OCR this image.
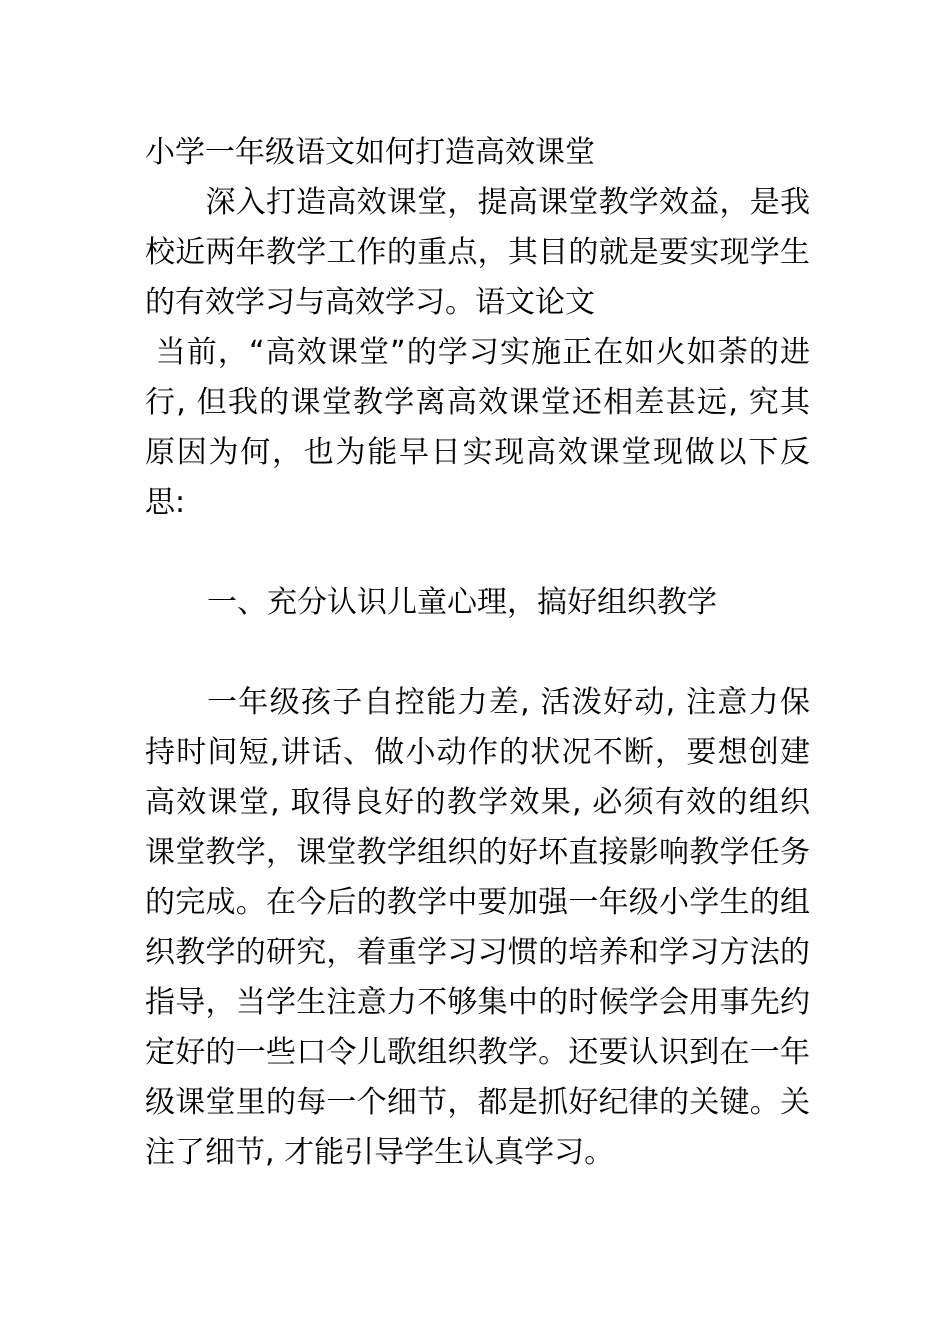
小学一年级语文如何打造高效课堂

　　深入打造高效课堂，提高课堂教学效益，是我校近两年教学工作的重点，其目的就是要实现学生的有效学习与高效学习。语文论文

当前，“高效课堂”的学习实施正在如火如荼的进行, 但我的课堂教学离高效课堂还相差甚远, 究其原因为何，也为能早日实现高效课堂现做以下反思:

一、充分认识儿童心理，搞好组织教学

一年级孩子自控能力差, 活泼好动, 注意力保持时间短,讲话、做小动作的状况不断，要想创建高效课堂, 取得良好的教学效果, 必须有效的组织课堂教学，课堂教学组织的好坏直接影响教学任务的完成。在今后的教学中要加强一年级小学生的组织教学的研究，着重学习习惯的培养和学习方法的指导，当学生注意力不够集中的时候学会用事先约定好的一些口令儿歌组织教学。还要认识到在一年级课堂里的每一个细节，都是抓好纪律的关键。关注了细节, 才能引导学生认真学习。
